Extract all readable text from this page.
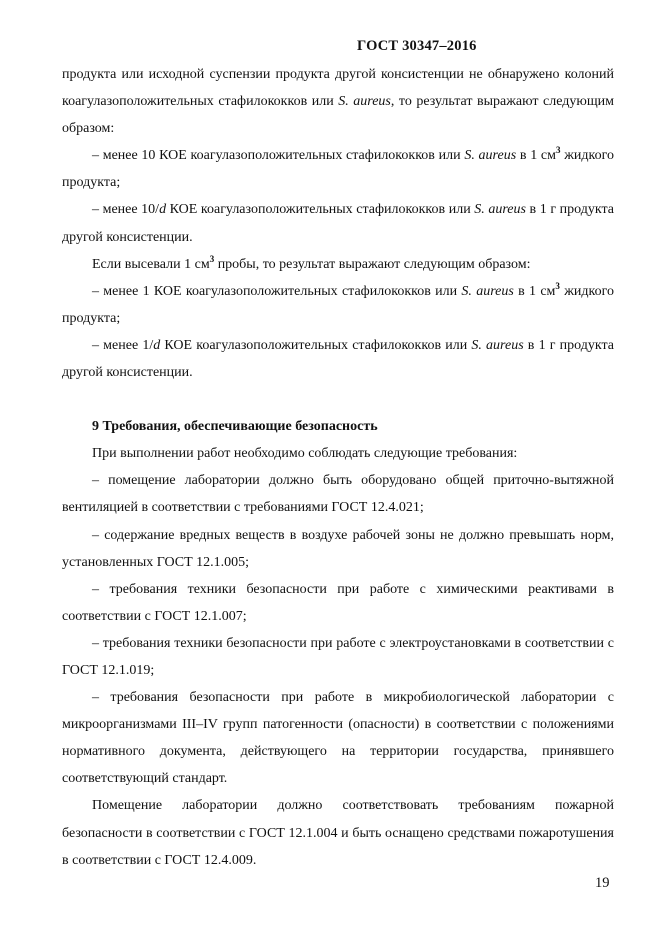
ГОСТ 30347–2016

продукта или исходной суспензии продукта другой консистенции не обнаружено колоний коагулазоположительных стафилококков или S. aureus, то результат выражают следующим образом:

– менее 10 КОЕ коагулазоположительных стафилококков или S. aureus в 1 $см^3$ жидкого продукта;

– менее 10/d КОЕ коагулазоположительных стафилококков или S. aureus в 1 г продукта другой консистенции.

Если высевали 1 $см^3$ пробы, то результат выражают следующим образом:

– менее 1 КОЕ коагулазоположительных стафилококков или S. aureus в 1 $см^3$ жидкого продукта;

– менее 1/d КОЕ коагулазоположительных стафилококков или S. aureus в 1 г продукта другой консистенции.

9 Требования, обеспечивающие безопасность

При выполнении работ необходимо соблюдать следующие требования:

– помещение лаборатории должно быть оборудовано общей приточно-вытяжной вентиляцией в соответствии с требованиями ГОСТ 12.4.021;

– содержание вредных веществ в воздухе рабочей зоны не должно превышать норм, установленных ГОСТ 12.1.005;

– требования техники безопасности при работе с химическими реактивами в соответствии с ГОСТ 12.1.007;

– требования техники безопасности при работе с электроустановками в соответствии с ГОСТ 12.1.019;

– требования безопасности при работе в микробиологической лаборатории с микроорганизмами III–IV групп патогенности (опасности) в соответствии с положениями нормативного документа, действующего на территории государства, принявшего соответствующий стандарт.

Помещение лаборатории должно соответствовать требованиям пожарной безопасности в соответствии с ГОСТ 12.1.004 и быть оснащено средствами пожаротушения в соответствии с ГОСТ 12.4.009.

19
